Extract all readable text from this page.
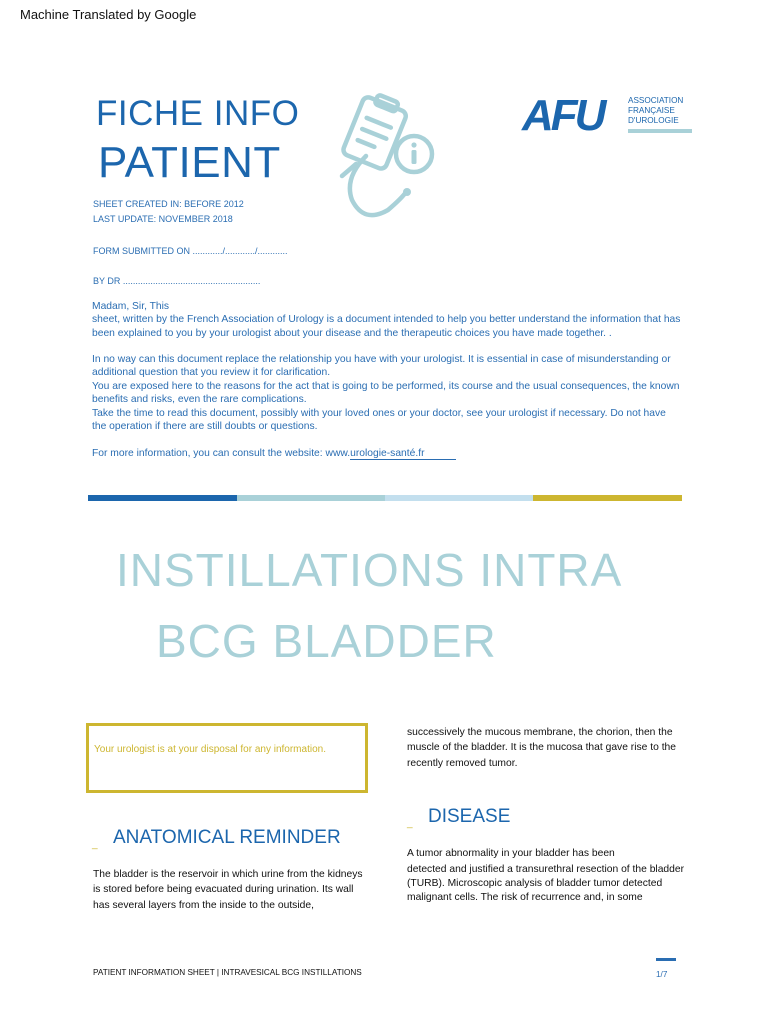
Machine Translated by Google
FICHE INFO
PATIENT
AFU	ASSOCIATION
FRANÇAISE
D'UROLOGIE
SHEET CREATED IN: BEFORE 2012
LAST UPDATE: NOVEMBER 2018
FORM SUBMITTED ON ............/............/............
BY DR .......................................................
Madam, Sir, This
sheet, written by the French Association of Urology is a document intended to help you better understand the information that has been explained to you by your urologist about your disease and the therapeutic choices you have made together. .
In no way can this document replace the relationship you have with your urologist. It is essential in case of misunderstanding or additional question that you review it for clarification.
You are exposed here to the reasons for the act that is going to be performed, its course and the usual consequences, the known benefits and risks, even the rare complications.
Take the time to read this document, possibly with your loved ones or your doctor, see your urologist if necessary. Do not have the operation if there are still doubts or questions.
For more information, you can consult the website: www.urologie-santé.fr
INSTILLATIONS INTRA
BCG BLADDER
Your urologist is at your disposal for any information.
successively the mucous membrane, the chorion, then the muscle of the bladder. It is the mucosa that gave rise to the recently removed tumor.
_ DISEASE
_ ANATOMICAL REMINDER
A tumor abnormality in your bladder has been
detected and justified a transurethral resection of the bladder (TURB). Microscopic analysis of bladder tumor detected malignant cells. The risk of recurrence and, in some
The bladder is the reservoir in which urine from the kidneys is stored before being evacuated during urination. Its wall has several layers from the inside to the outside,
PATIENT INFORMATION SHEET | INTRAVESICAL BCG INSTILLATIONS	1/7
